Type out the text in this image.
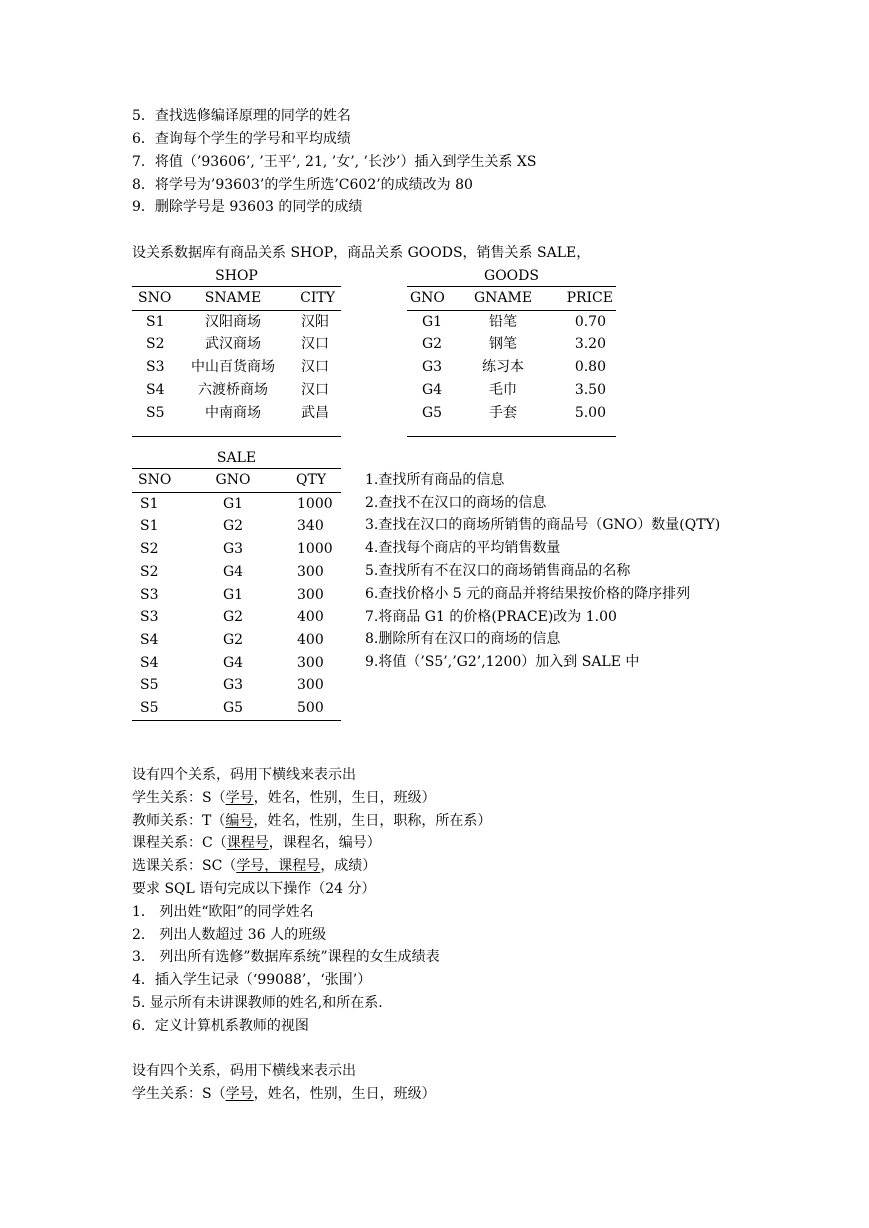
5．查找选修编译原理的同学的姓名
6．查询每个学生的学号和平均成绩
7．将值（’93606’, ’王平’, 21, ’女’, ’长沙’）插入到学生关系 XS
8．将学号为’93603’的学生所选’C602’的成绩改为 80
9．删除学号是 93603 的同学的成绩
设关系数据库有商品关系 SHOP，商品关系 GOODS，销售关系 SALE，
SHOP
SNO	SNAME	CITY
S1	汉阳商场	汉阳
S2	武汉商场	汉口
S3	中山百货商场	汉口
S4	六渡桥商场	汉口
S5	中南商场	武昌

GOODS
GNO	GNAME	PRICE
G1	铅笔	0.70
G2	钢笔	3.20
G3	练习本	0.80
G4	毛巾	3.50
G5	手套	5.00

SALE
SNO	GNO	QTY
S1	G1	1000
S1	G2	340
S2	G3	1000
S2	G4	300
S3	G1	300
S3	G2	400
S4	G2	400
S4	G4	300
S5	G3	300
S5	G5	500
1.查找所有商品的信息
2.查找不在汉口的商场的信息
3.查找在汉口的商场所销售的商品号（GNO）数量(QTY)
4.查找每个商店的平均销售数量
5.查找所有不在汉口的商场销售商品的名称
6.查找价格小 5 元的商品并将结果按价格的降序排列
7.将商品 G1 的价格(PRACE)改为 1.00
8.删除所有在汉口的商场的信息
9.将值（’S5’,’G2’,1200）加入到 SALE 中
设有四个关系，码用下横线来表示出
学生关系：S（学号，姓名，性别，生日，班级）
教师关系：T（编号，姓名，性别，生日，职称，所在系）
课程关系：C（课程号，课程名，编号）
选课关系：SC（学号，课程号，成绩）
要求 SQL 语句完成以下操作（24 分）
1． 列出姓“欧阳”的同学姓名
2． 列出人数超过 36 人的班级
3． 列出所有选修”数据库系统”课程的女生成绩表
4．插入学生记录（‘99088’，‘张围’）
5. 显示所有未讲课教师的姓名,和所在系.
6．定义计算机系教师的视图
设有四个关系，码用下横线来表示出
学生关系：S（学号，姓名，性别，生日，班级）
